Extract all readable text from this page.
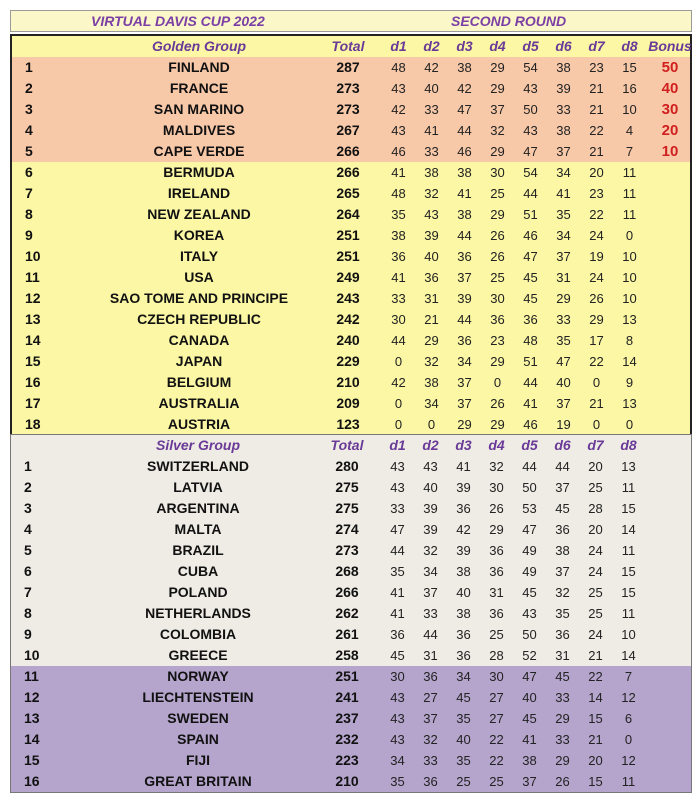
VIRTUAL DAVIS CUP 2022	SECOND ROUND
Golden Group	Total	d1	d2	d3	d4	d5	d6	d7	d8 Bonus
1	FINLAND	287	48	42	38	29	54	38	23	15	50
2	FRANCE	273	43	40	42	29	43	39	21	16	40
3	SAN MARINO	273	42	33	47	37	50	33	21	10	30
4	MALDIVES	267	43	41	44	32	43	38	22	4	20
5	CAPE VERDE	266	46	33	46	29	47	37	21	7	10
6	BERMUDA	266	41	38	38	30	54	34	20	11
7	IRELAND	265	48	32	41	25	44	41	23	11
8	NEW ZEALAND	264	35	43	38	29	51	35	22	11
9	KOREA	251	38	39	44	26	46	34	24	0
10	ITALY	251	36	40	36	26	47	37	19	10
11	USA	249	41	36	37	25	45	31	24	10
12	SAO TOME AND PRINCIPE	243	33	31	39	30	45	29	26	10
13	CZECH REPUBLIC	242	30	21	44	36	36	33	29	13
14	CANADA	240	44	29	36	23	48	35	17	8
15	JAPAN	229	0	32	34	29	51	47	22	14
16	BELGIUM	210	42	38	37	0	44	40	0	9
17	AUSTRALIA	209	0	34	37	26	41	37	21	13
18	AUSTRIA	123	0	0	29	29	46	19	0	0
Silver Group	Total	d1	d2	d3	d4	d5	d6	d7	d8
1	SWITZERLAND	280	43	43	41	32	44	44	20	13
2	LATVIA	275	43	40	39	30	50	37	25	11
3	ARGENTINA	275	33	39	36	26	53	45	28	15
4	MALTA	274	47	39	42	29	47	36	20	14
5	BRAZIL	273	44	32	39	36	49	38	24	11
6	CUBA	268	35	34	38	36	49	37	24	15
7	POLAND	266	41	37	40	31	45	32	25	15
8	NETHERLANDS	262	41	33	38	36	43	35	25	11
9	COLOMBIA	261	36	44	36	25	50	36	24	10
10	GREECE	258	45	31	36	28	52	31	21	14
11	NORWAY	251	30	36	34	30	47	45	22	7
12	LIECHTENSTEIN	241	43	27	45	27	40	33	14	12
13	SWEDEN	237	43	37	35	27	45	29	15	6
14	SPAIN	232	43	32	40	22	41	33	21	0
15	FIJI	223	34	33	35	22	38	29	20	12
16	GREAT BRITAIN	210	35	36	25	25	37	26	15	11
